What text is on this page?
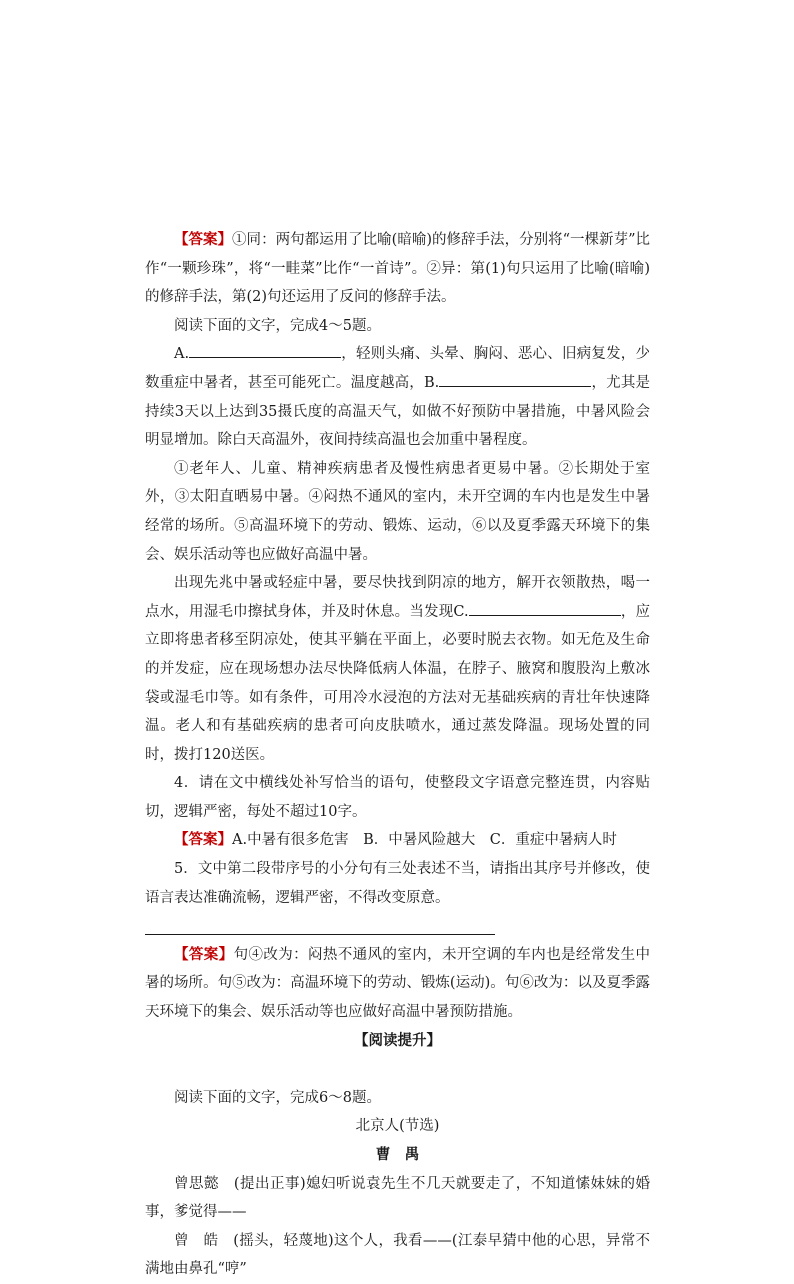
【答案】①同：两句都运用了比喻(暗喻)的修辞手法，分别将“一棵新芽”比作“一颗珍珠”，将“一畦菜”比作“一首诗”。②异：第(1)句只运用了比喻(暗喻)的修辞手法，第(2)句还运用了反问的修辞手法。

阅读下面的文字，完成4～5题。

A.	，轻则头痛、头晕、胸闷、恶心、旧病复发，少数重症中暑者，甚至可能死亡。温度越高，B.	，尤其是持续3天以上达到35摄氏度的高温天气，如做不好预防中暑措施，中暑风险会明显增加。除白天高温外，夜间持续高温也会加重中暑程度。

①老年人、儿童、精神疾病患者及慢性病患者更易中暑。②长期处于室外，③太阳直晒易中暑。④闷热不通风的室内，未开空调的车内也是发生中暑经常的场所。⑤高温环境下的劳动、锻炼、运动，⑥以及夏季露天环境下的集会、娱乐活动等也应做好高温中暑。

出现先兆中暑或轻症中暑，要尽快找到阴凉的地方，解开衣领散热，喝一点水，用湿毛巾擦拭身体，并及时休息。当发现C.	，应立即将患者移至阴凉处，使其平躺在平面上，必要时脱去衣物。如无危及生命的并发症，应在现场想办法尽快降低病人体温，在脖子、腋窝和腹股沟上敷冰袋或湿毛巾等。如有条件，可用冷水浸泡的方法对无基础疾病的青壮年快速降温。老人和有基础疾病的患者可向皮肤喷水，通过蒸发降温。现场处置的同时，拨打120送医。

4．请在文中横线处补写恰当的语句，使整段文字语意完整连贯，内容贴切，逻辑严密，每处不超过10字。

【答案】A.中暑有很多危害　B．中暑风险越大　C．重症中暑病人时

5．文中第二段带序号的小分句有三处表述不当，请指出其序号并修改，使语言表达准确流畅，逻辑严密，不得改变原意。

【答案】句④改为：闷热不通风的室内，未开空调的车内也是经常发生中暑的场所。句⑤改为：高温环境下的劳动、锻炼(运动)。句⑥改为：以及夏季露天环境下的集会、娱乐活动等也应做好高温中暑预防措施。

【阅读提升】

阅读下面的文字，完成6～8题。

北京人(节选)

曹　禺

曾思懿　 (提出正事)媳妇听说袁先生不几天就要走了，不知道愫妹妹的婚事，爹觉得——

曾　皓　 (摇头，轻蔑地)这个人，我看——(江泰早猜中他的心思，异常不满地由鼻孔“哼”
